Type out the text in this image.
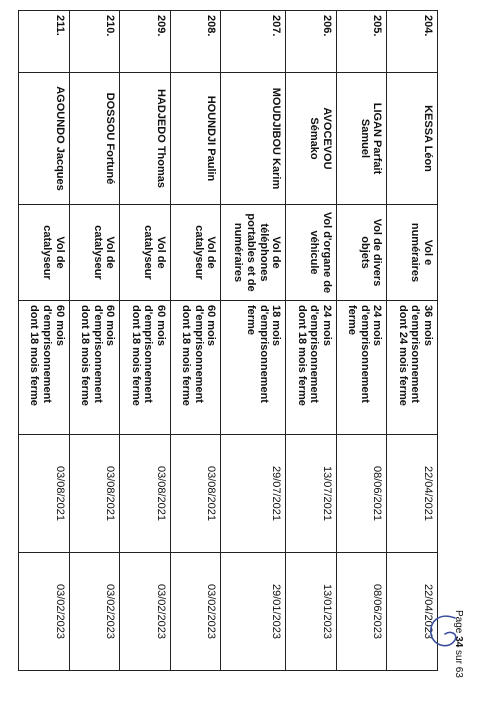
204.	KESSA Léon	Vol e
numéraires	36 mois
d'emprisonnement
dont 24 mois ferme	22/04/2021	22/04/2023
205.	LIGAN Parfait
Samuel	Vol de divers
objets	24 mois
d'emprisonnement
ferme	08/06/2021	08/06/2023
206.	AVOCEVOU
Sémako	Vol d'organe de
véhicule	24 mois
d'emprisonnement
dont 18 mois ferme	13/07/2021	13/01/2023
207.	MOUDJIBOU Karim	Vol de
téléphones
portables et de
numéraires	18 mois
d'emprisonnement
ferme	29/07/2021	29/01/2023
208.	HOUNDJI Paulin	Vol de
catalyseur	60 mois
d'emprisonnement
dont 18 mois ferme	03/08/2021	03/02/2023
209.	HADJEDO Thomas	Vol de
catalyseur	60 mois
d'emprisonnement
dont 18 mois ferme	03/08/2021	03/02/2023
210.	DOSSOU Fortuné	Vol de
catalyseur	60 mois
d'emprisonnement
dont 18 mois ferme	03/08/2021	03/02/2023
211.	AGOUNDO Jacques	Vol de
catalyseur	60 mois
d'emprisonnement
dont 18 mois ferme	03/08/2021	03/02/2023	Page 34 sur 63
